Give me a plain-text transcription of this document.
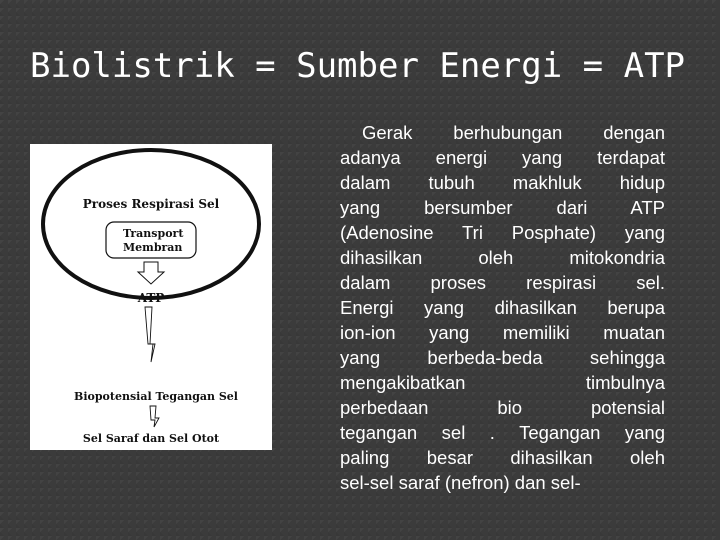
Biolistrik = Sumber Energi = ATP
Proses Respirasi Sel
Transport
Membran
ATP
Biopotensial Tegangan Sel
Sel Saraf dan Sel Otot
Gerak berhubungan dengan
adanya energi yang terdapat
dalam tubuh makhluk hidup
yang bersumber dari ATP
(Adenosine Tri Posphate) yang
dihasilkan oleh mitokondria
dalam proses respirasi sel.
Energi yang dihasilkan berupa
ion-ion yang memiliki muatan
yang berbeda-beda sehingga
mengakibatkan timbulnya
perbedaan bio potensial
tegangan sel . Tegangan yang
paling besar dihasilkan oleh
sel-sel saraf (nefron) dan sel-
